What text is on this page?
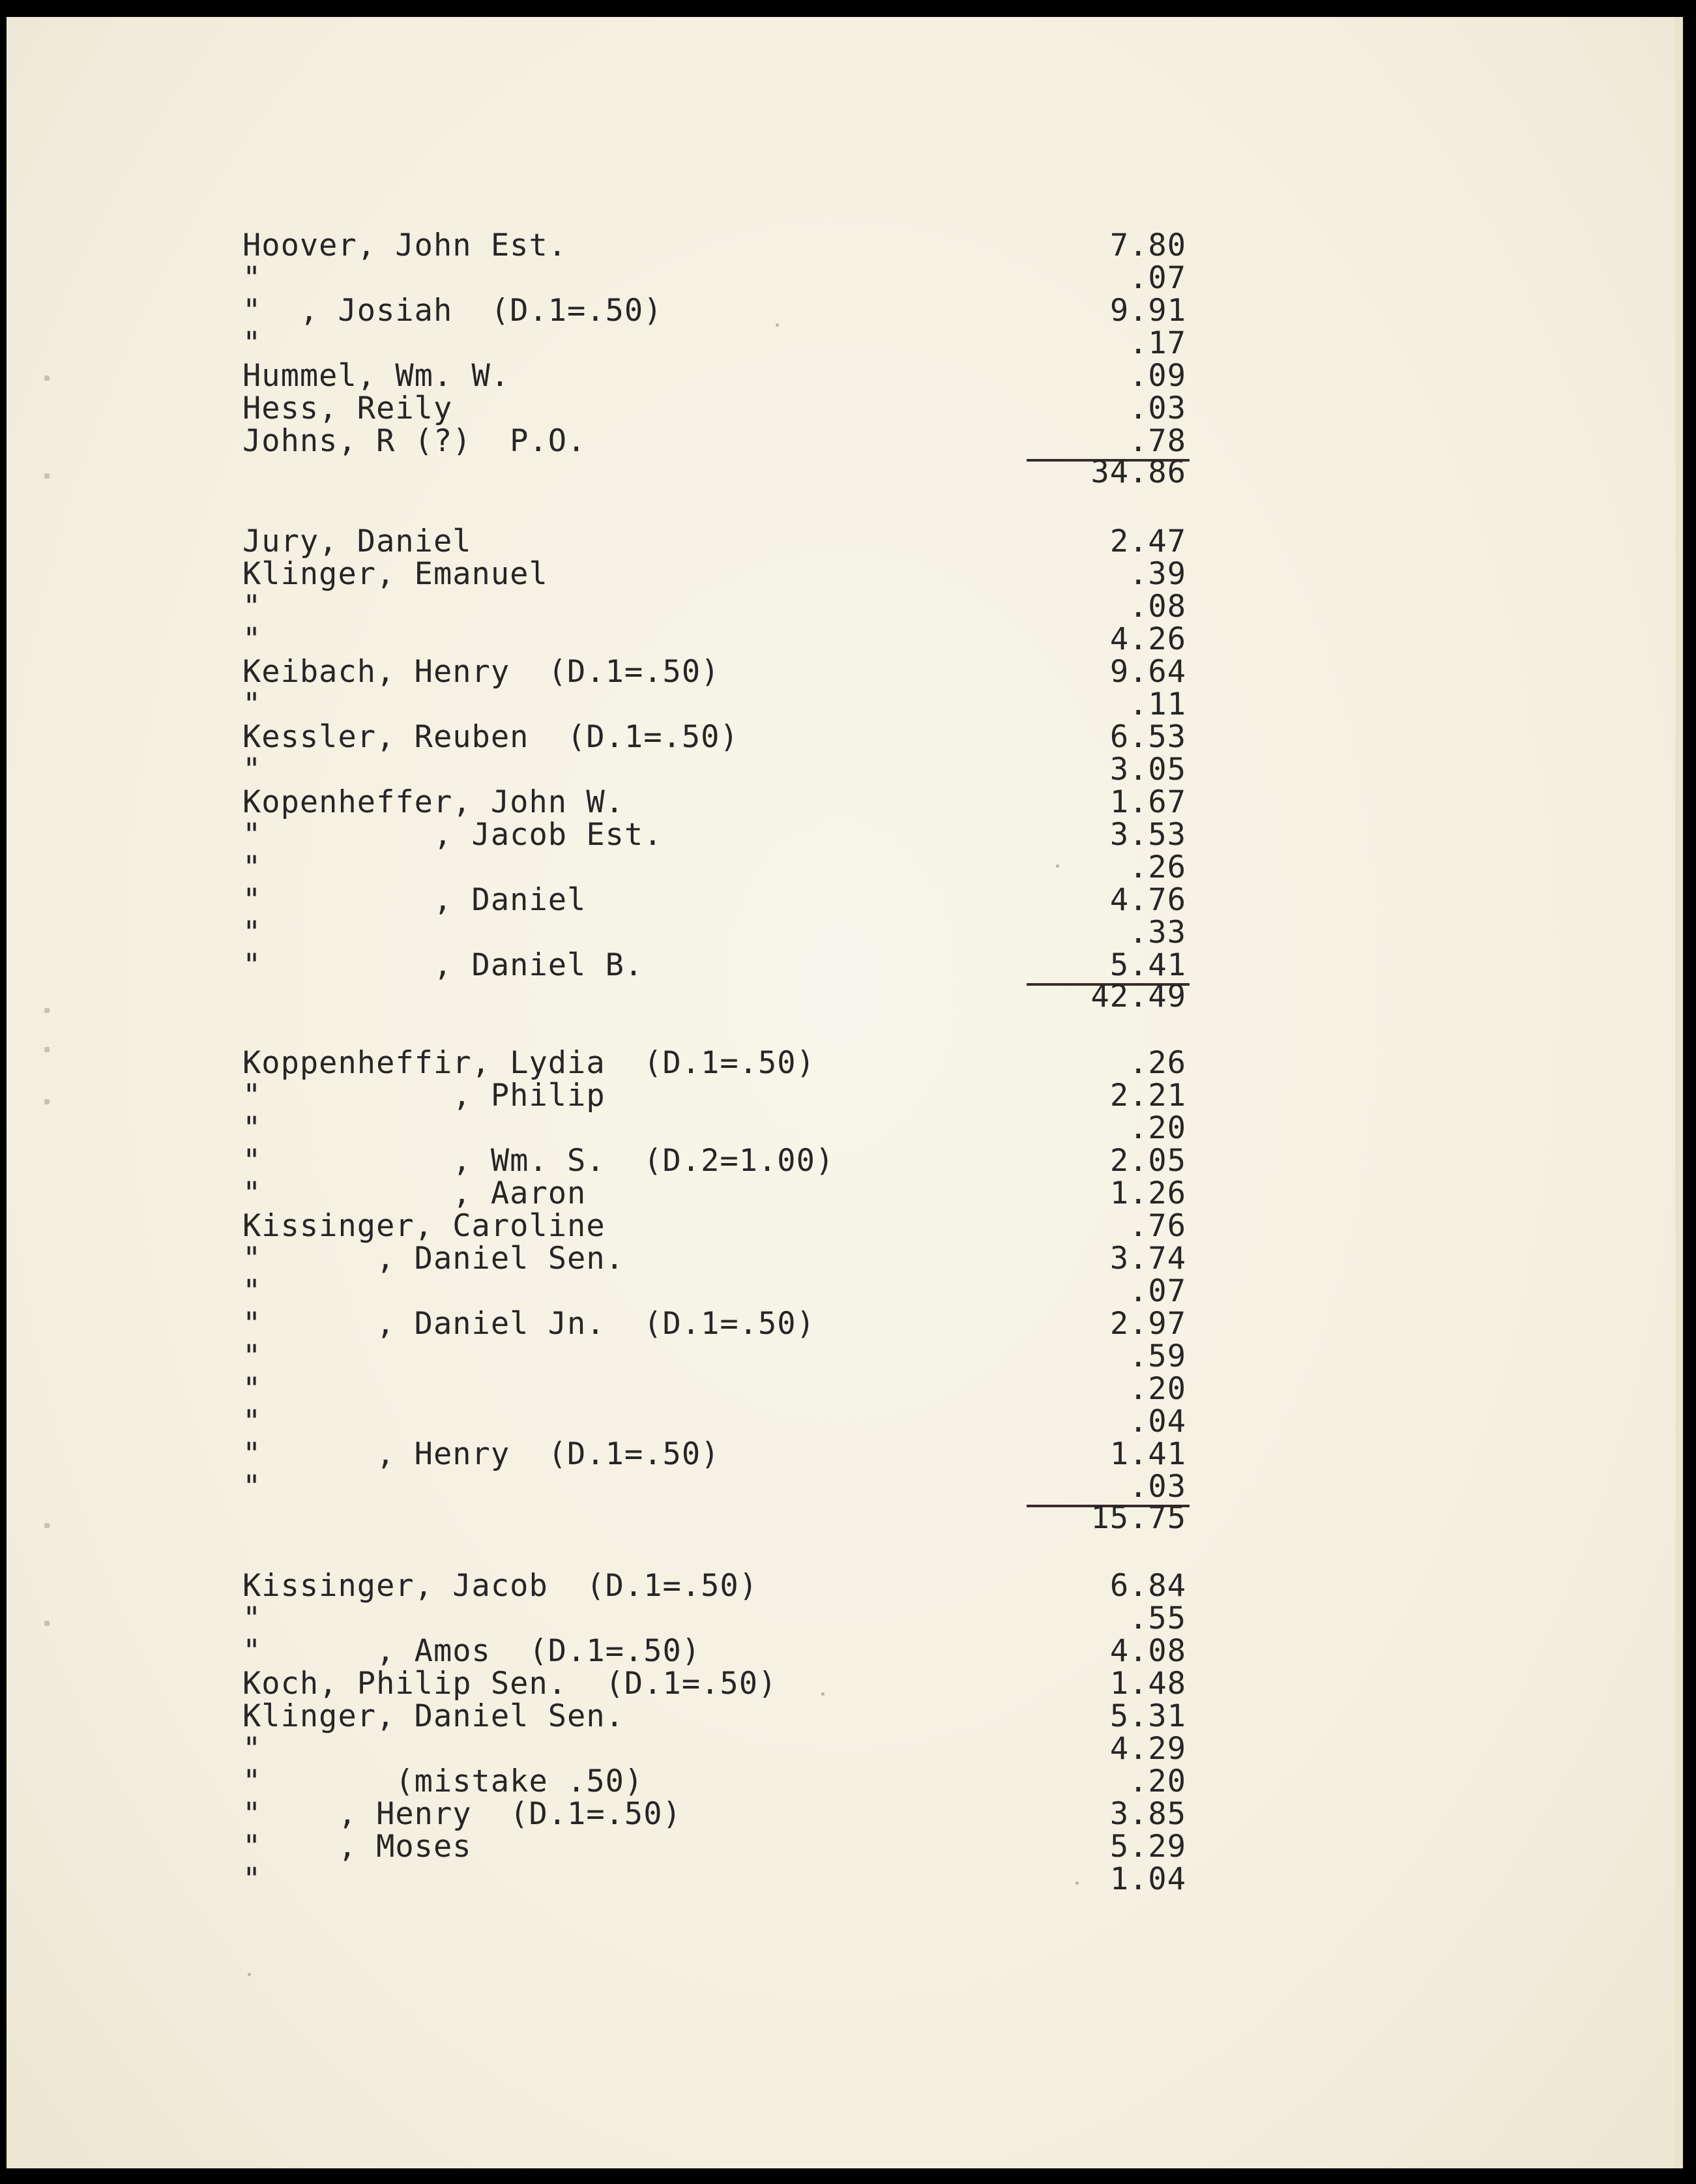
Hoover, John Est.	7.80
"	.07
"  , Josiah  (D.1=.50)	9.91
"	.17
Hummel, Wm. W.	.09
Hess, Reily	.03
Johns, R (?)  P.O.	.78
34.86
Jury, Daniel	2.47
Klinger, Emanuel	.39
"	.08
"	4.26
Keibach, Henry  (D.1=.50)	9.64
"	.11
Kessler, Reuben  (D.1=.50)	6.53
"	3.05
Kopenheffer, John W.	1.67
"         , Jacob Est.	3.53
"	.26
"         , Daniel	4.76
"	.33
"         , Daniel B.	5.41
42.49
Koppenheffir, Lydia  (D.1=.50)	.26
"          , Philip	2.21
"	.20
"          , Wm. S.  (D.2=1.00)	2.05
"          , Aaron	1.26
Kissinger, Caroline	.76
"      , Daniel Sen.	3.74
"	.07
"      , Daniel Jn.  (D.1=.50)	2.97
"	.59
"	.20
"	.04
"      , Henry  (D.1=.50)	1.41
"	.03
15.75
Kissinger, Jacob  (D.1=.50)	6.84
"	.55
"      , Amos  (D.1=.50)	4.08
Koch, Philip Sen.  (D.1=.50)	1.48
Klinger, Daniel Sen.	5.31
"	4.29
"       (mistake .50)	.20
"    , Henry  (D.1=.50)	3.85
"    , Moses	5.29
"	1.04
